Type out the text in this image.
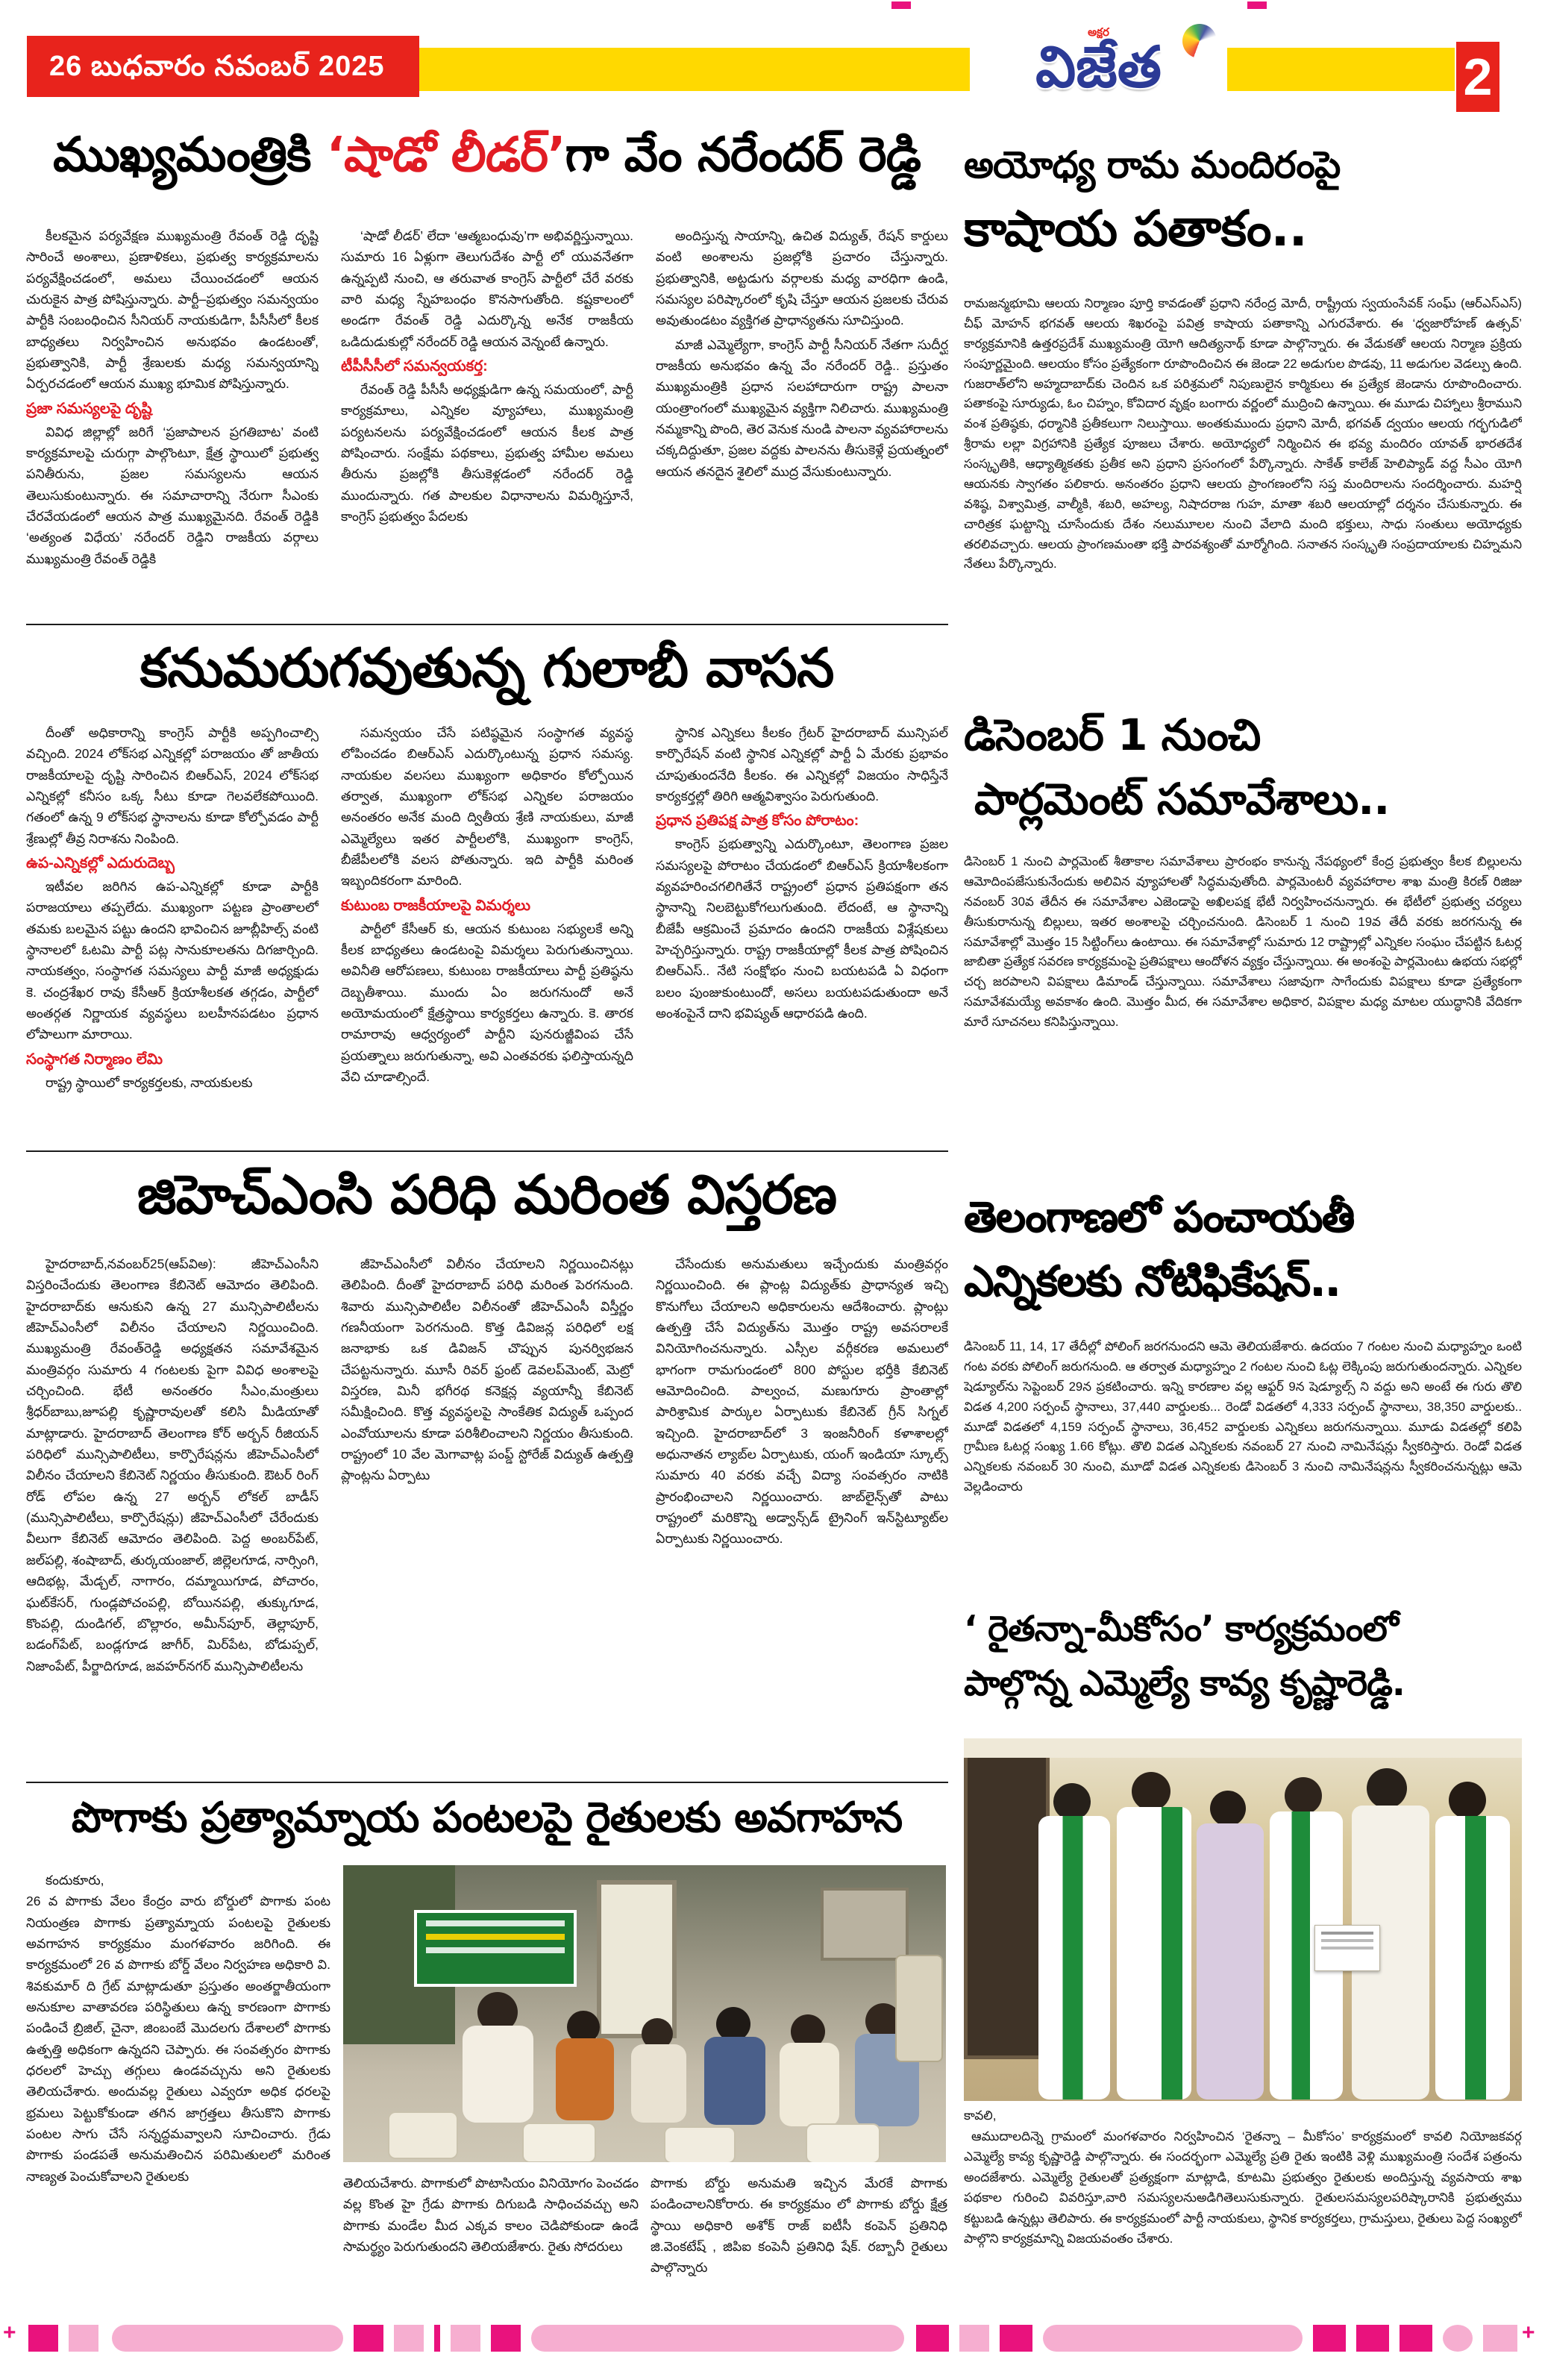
26 బుధవారం నవంబర్ 2025
అక్షర
విజేత	2
ముఖ్యమంత్రికి ‘షాడో లీడర్’గా వేం నరేందర్ రెడ్డి

కీలకమైన పర్యవేక్షణ ముఖ్యమంత్రి రేవంత్ రెడ్డి దృష్టి సారించే అంశాలు, ప్రణాళికలు, ప్రభుత్వ కార్యక్రమాలను పర్యవేక్షించడంలో, అమలు చేయించడంలో ఆయన చురుకైన పాత్ర పోషిస్తున్నారు. పార్టీ–ప్రభుత్వం సమన్వయం పార్టీకి సంబంధించిన సీనియర్ నాయకుడిగా, పీసీసీలో కీలక బాధ్యతలు నిర్వహించిన అనుభవం ఉండటంతో, ప్రభుత్వానికి, పార్టీ శ్రేణులకు మధ్య సమన్వయాన్ని ఏర్పరచడంలో ఆయన ముఖ్య భూమిక పోషిస్తున్నారు.

ప్రజా సమస్యలపై దృష్టి

వివిధ జిల్లాల్లో జరిగే ‘ప్రజాపాలన ప్రగతిబాట’ వంటి కార్యక్రమాలపై చురుగ్గా పాల్గొంటూ, క్షేత్ర స్థాయిలో ప్రభుత్వ పనితీరును, ప్రజల సమస్యలను ఆయన తెలుసుకుంటున్నారు. ఈ సమాచారాన్ని నేరుగా సీఎంకు చేరవేయడంలో ఆయన పాత్ర ముఖ్యమైనది. రేవంత్ రెడ్డికి ‘అత్యంత విధేయ’ నరేందర్ రెడ్డిని రాజకీయ వర్గాలు ముఖ్యమంత్రి రేవంత్ రెడ్డికి

‘షాడో లీడర్’ లేదా ‘ఆత్మబంధువు’గా అభివర్ణిస్తున్నాయి. సుమారు 16 ఏళ్లుగా తెలుగుదేశం పార్టీ లో యువనేతగా ఉన్నప్పటి నుంచి, ఆ తరువాత కాంగ్రెస్ పార్టీలో చేరే వరకు వారి మధ్య స్నేహబంధం కొనసాగుతోంది. కష్టకాలంలో అండగా రేవంత్ రెడ్డి ఎదుర్కొన్న అనేక రాజకీయ ఒడిదుడుకుల్లో నరేందర్ రెడ్డి ఆయన వెన్నంటే ఉన్నారు.

టీపీసీసీలో సమన్వయకర్త:

రేవంత్ రెడ్డి పీసీసీ అధ్యక్షుడిగా ఉన్న సమయంలో, పార్టీ కార్యక్రమాలు, ఎన్నికల వ్యూహాలు, ముఖ్యమంత్రి పర్యటనలను పర్యవేక్షించడంలో ఆయన కీలక పాత్ర పోషించారు. సంక్షేమ పథకాలు, ప్రభుత్వ హామీల అమలు తీరును ప్రజల్లోకి తీసుకెళ్లడంలో నరేందర్ రెడ్డి ముందున్నారు. గత పాలకుల విధానాలను విమర్శిస్తూనే, కాంగ్రెస్ ప్రభుత్వం పేదలకు

అందిస్తున్న సాయాన్ని, ఉచిత విద్యుత్, రేషన్ కార్డులు వంటి అంశాలను ప్రజల్లోకి ప్రచారం చేస్తున్నారు. ప్రభుత్వానికి, అట్టడుగు వర్గాలకు మధ్య వారధిగా ఉండి, సమస్యల పరిష్కారంలో కృషి చేస్తూ ఆయన ప్రజలకు చేరువ అవుతుండటం వ్యక్తిగత ప్రాధాన్యతను సూచిస్తుంది.

మాజీ ఎమ్మెల్యేగా, కాంగ్రెస్ పార్టీ సీనియర్ నేతగా సుదీర్ఘ రాజకీయ అనుభవం ఉన్న వేం నరేందర్ రెడ్డి.. ప్రస్తుతం ముఖ్యమంత్రికి ప్రధాన సలహాదారుగా రాష్ట్ర పాలనా యంత్రాంగంలో ముఖ్యమైన వ్యక్తిగా నిలిచారు. ముఖ్యమంత్రి నమ్మకాన్ని పొంది, తెర వెనుక నుండి పాలనా వ్యవహారాలను చక్కదిద్దుతూ, ప్రజల వద్దకు పాలనను తీసుకెళ్లే ప్రయత్నంలో ఆయన తనదైన శైలిలో ముద్ర వేసుకుంటున్నారు.

కనుమరుగవుతున్న గులాబీ వాసన

దీంతో అధికారాన్ని కాంగ్రెస్ పార్టీకి అప్పగించాల్సి వచ్చింది. 2024 లోక్‌సభ ఎన్నికల్లో పరాజయం తో జాతీయ రాజకీయాలపై దృష్టి సారించిన బిఆర్ఎస్, 2024 లోక్‌సభ ఎన్నికల్లో కనీసం ఒక్క సీటు కూడా గెలవలేకపోయింది. గతంలో ఉన్న 9 లోక్‌సభ స్థానాలను కూడా కోల్పోవడం పార్టీ శ్రేణుల్లో తీవ్ర నిరాశను నింపింది.

ఉప-ఎన్నికల్లో ఎదురుదెబ్బ

ఇటీవల జరిగిన ఉప-ఎన్నికల్లో కూడా పార్టీకి పరాజయాలు తప్పలేదు. ముఖ్యంగా పట్టణ ప్రాంతాలలో తమకు బలమైన పట్టు ఉందని భావించిన జూబ్లీహిల్స్ వంటి స్థానాలలో ఓటమి పార్టీ పట్ల సానుకూలతను దిగజార్చింది. నాయకత్వం, సంస్థాగత సమస్యలు పార్టీ మాజీ అధ్యక్షుడు కె. చంద్రశేఖర రావు కేసీఆర్ క్రియాశీలకత తగ్గడం, పార్టీలో అంతర్గత నిర్ణాయక వ్యవస్థలు బలహీనపడటం ప్రధాన లోపాలుగా మారాయి.

సంస్థాగత నిర్మాణం లేమి

రాష్ట్ర స్థాయిలో కార్యకర్తలకు, నాయకులకు

సమన్వయం చేసే పటిష్ఠమైన సంస్థాగత వ్యవస్థ లోపించడం బిఆర్ఎస్ ఎదుర్కొంటున్న ప్రధాన సమస్య. నాయకుల వలసలు ముఖ్యంగా అధికారం కోల్పోయిన తర్వాత, ముఖ్యంగా లోక్‌సభ ఎన్నికల పరాజయం అనంతరం అనేక మంది ద్వితీయ శ్రేణి నాయకులు, మాజీ ఎమ్మెల్యేలు ఇతర పార్టీలలోకి, ముఖ్యంగా కాంగ్రెస్, బీజేపీలలోకి వలస పోతున్నారు. ఇది పార్టీకి మరింత ఇబ్బందికరంగా మారింది.

కుటుంబ రాజకీయాలపై విమర్శలు

పార్టీలో కేసీఆర్ కు, ఆయన కుటుంబ సభ్యులకే అన్ని కీలక బాధ్యతలు ఉండటంపై విమర్శలు పెరుగుతున్నాయి. అవినీతి ఆరోపణలు, కుటుంబ రాజకీయాలు పార్టీ ప్రతిష్ఠను దెబ్బతీశాయి. ముందు ఏం జరుగనుందో అనే అయోమయంలో క్షేత్రస్థాయి కార్యకర్తలు ఉన్నారు. కె. తారక రామారావు ఆధ్వర్యంలో పార్టీని పునరుజ్జీవింప చేసే ప్రయత్నాలు జరుగుతున్నా, అవి ఎంతవరకు ఫలిస్తాయన్నది వేచి చూడాల్సిందే.

స్థానిక ఎన్నికలు కీలకం గ్రేటర్ హైదరాబాద్ మున్సిపల్ కార్పొరేషన్ వంటి స్థానిక ఎన్నికల్లో పార్టీ ఏ మేరకు ప్రభావం చూపుతుందనేది కీలకం. ఈ ఎన్నికల్లో విజయం సాధిస్తేనే కార్యకర్తల్లో తిరిగి ఆత్మవిశ్వాసం పెరుగుతుంది.

ప్రధాన ప్రతిపక్ష పాత్ర కోసం పోరాటం:

కాంగ్రెస్ ప్రభుత్వాన్ని ఎదుర్కొంటూ, తెలంగాణ ప్రజల సమస్యలపై పోరాటం చేయడంలో బిఆర్ఎస్ క్రియాశీలకంగా వ్యవహరించగలిగితేనే రాష్ట్రంలో ప్రధాన ప్రతిపక్షంగా తన స్థానాన్ని నిలబెట్టుకోగలుగుతుంది. లేదంటే, ఆ స్థానాన్ని బీజేపీ ఆక్రమించే ప్రమాదం ఉందని రాజకీయ విశ్లేషకులు హెచ్చరిస్తున్నారు. రాష్ట్ర రాజకీయాల్లో కీలక పాత్ర పోషించిన బిఆర్ఎస్.. నేటి సంక్షోభం నుంచి బయటపడి ఏ విధంగా బలం పుంజుకుంటుందో, అసలు బయటపడుతుందా అనే అంశంపైనే దాని భవిష్యత్ ఆధారపడి ఉంది.

జిహెచ్ఎంసి పరిధి మరింత విస్తరణ

హైదరాబాద్,నవంబర్25(ఆప్‌విఅ): జీహెచ్ఎంసీని విస్తరించేందుకు తెలంగాణ కేబినెట్ ఆమోదం తెలిపింది. హైదరాబాద్‌కు ఆనుకుని ఉన్న 27 మున్సిపాలిటీలను జీహెచ్ఎంసీలో విలీనం చేయాలని నిర్ణయించింది. ముఖ్యమంత్రి రేవంత్‌రెడ్డి అధ్యక్షతన సమావేశమైన మంత్రివర్గం సుమారు 4 గంటలకు పైగా వివిధ అంశాలపై చర్చించింది. భేటీ అనంతరం సీఎం,మంత్రులు శ్రీధర్‌బాబు,జూపల్లి కృష్ణారావులతో కలిసి మీడియాతో మాట్లాడారు. హైదరాబాద్ తెలంగాణ కోర్ అర్బన్ రీజియన్ పరిధిలో మున్సిపాలిటీలు, కార్పొరేషన్లను జీహెచ్ఎంసీలో విలీనం చేయాలని కేబినెట్ నిర్ణయం తీసుకుంది. ఔటర్ రింగ్ రోడ్ లోపల ఉన్న 27 అర్బన్ లోకల్ బాడీస్ (మున్సిపాలిటీలు, కార్పొరేషన్లు) జీహెచ్ఎంసీలో చేరేందుకు వీలుగా కేబినెట్ ఆమోదం తెలిపింది. పెద్ద అంబర్‌పేట్, జల్‌పల్లి, శంషాబాద్, తుర్కయంజాల్, జిల్లెలగూడ, నార్సింగి, ఆదిభట్ల, మేడ్చల్, నాగారం, దమ్మాయిగూడ, పోచారం, ఘట్‌కేసర్, గుండ్లపోచంపల్లి, బోయినపల్లి, తుక్కుగూడ, కొంపల్లి, దుండిగల్, బొల్లారం, అమీన్‌పూర్, తెల్లాపూర్, బడంగ్‌పేట్, బండ్లగూడ జాగీర్, మిర్‌పేట, బోడుప్పల్, నిజాంపేట్, పీర్జాదిగూడ, జవహర్‌నగర్ మున్సిపాలిటీలను

జీహెచ్ఎంసీలో విలీనం చేయాలని నిర్ణయించినట్లు తెలిపింది. దీంతో హైదరాబాద్ పరిధి మరింత పెరగనుంది. శివారు మున్సిపాలిటీల విలీనంతో జీహెచ్ఎంసీ విస్తీర్ణం గణనీయంగా పెరగనుంది. కొత్త డివిజన్ల పరిధిలో లక్ష జనాభాకు ఒక డివిజన్ చొప్పున పునర్విభజన చేపట్టనున్నారు. మూసీ రివర్ ఫ్రంట్ డెవలప్‌మెంట్, మెట్రో విస్తరణ, మినీ భగీరథ కనెక్షన్ల వ్యయాన్నీ కేబినెట్ సమీక్షించింది. కొత్త వ్యవస్థలపై సాంకేతిక విద్యుత్ ఒప్పంద ఎంవోయూలను కూడా పరిశీలించాలని నిర్ణయం తీసుకుంది. రాష్ట్రంలో 10 వేల మెగావాట్ల పంప్డ్ స్టోరేజ్ విద్యుత్ ఉత్పత్తి ప్లాంట్లను ఏర్పాటు

చేసేందుకు అనుమతులు ఇచ్చేందుకు మంత్రివర్గం నిర్ణయించింది. ఈ ప్లాంట్ల విద్యుత్‌కు ప్రాధాన్యత ఇచ్చి కొనుగోలు చేయాలని అధికారులను ఆదేశించారు. ప్లాంట్లు ఉత్పత్తి చేసే విద్యుత్‌ను మొత్తం రాష్ట్ర అవసరాలకే వినియోగించనున్నారు. ఎస్సీల వర్గీకరణ అమలులో భాగంగా రామగుండంలో 800 పోస్టుల భర్తీకి కేబినెట్ ఆమోదించింది. పాల్వంచ, మణుగూరు ప్రాంతాల్లో పారిశ్రామిక పార్కుల ఏర్పాటుకు కేబినెట్ గ్రీన్ సిగ్నల్ ఇచ్చింది. హైదరాబాద్‌లో 3 ఇంజనీరింగ్ కళాశాలల్లో అధునాతన ల్యాబ్‌ల ఏర్పాటుకు, యంగ్ ఇండియా స్కూల్స్ సుమారు 40 వరకు వచ్చే విద్యా సంవత్సరం నాటికి ప్రారంభించాలని నిర్ణయించారు. జాబ్‌లైన్స్‌తో పాటు రాష్ట్రంలో మరికొన్ని అడ్వాన్స్‌డ్ ట్రైనింగ్ ఇన్‌స్టిట్యూట్‌ల ఏర్పాటుకు నిర్ణయించారు.

పొగాకు ప్రత్యామ్నాయ పంటలపై రైతులకు అవగాహన
కందుకూరు,

26 వ పొగాకు వేలం కేంద్రం వారు బోర్డులో పొగాకు పంట నియంత్రణ పొగాకు ప్రత్యామ్నాయ పంటలపై రైతులకు అవగాహన కార్యక్రమం మంగళవారం జరిగింది. ఈ కార్యక్రమంలో 26 వ పొగాకు బోర్డ్ వేలం నిర్వహణ అధికారి వి. శివకుమార్ ది గ్రేట్ మాట్లాడుతూ ప్రస్తుతం అంతర్జాతీయంగా అనుకూల వాతావరణ పరిస్థితులు ఉన్న కారణంగా పొగాకు పండించే బ్రిజిల్, చైనా, జింబంబే మొదలగు దేశాలలో పొగాకు ఉత్పత్తి అధికంగా ఉన్నదని చెప్పారు. ఈ సంవత్సరం పొగాకు ధరలలో హెచ్చు తగ్గులు ఉండవచ్చును అని రైతులకు తెలియచేశారు. అందువల్ల రైతులు ఎవ్వరూ అధిక ధరలపై భ్రమలు పెట్టుకోకుండా తగిన జాగ్రత్తలు తీసుకొని పొగాకు పంటల సాగు చేసే సన్నద్ధమవ్వాలని సూచించారు. గ్రేడు పొగాకు పండపతే అనుమతించిన పరిమితులలో మరింత నాణ్యత పెంచుకోవాలని రైతులకు	తెలియచేశారు. పొగాకులో పొటాసియం వినియోగం పెంచడం వల్ల కొంత హై గ్రేడు పొగాకు దిగుబడి సాధించవచ్చు అని పొగాకు మండేల మీద ఎక్కవ కాలం చెడిపోకుండా ఉండే సామర్థ్యం పెరుగుతుందని తెలియజేశారు. రైతు సోదరులు

పొగాకు బోర్డు అనుమతి ఇచ్చిన మేరకే పొగాకు పండించాలనికోరారు. ఈ కార్యక్రమం లో పొగాకు బోర్డు క్షేత్ర స్థాయి అధికారి అశోక్ రాజ్ ఐటీసీ కంపెన్ ప్రతినిధి జి.వెంకటేష్ , జిపిఐ కంపెనీ ప్రతినిధి షేక్. రబ్బానీ రైతులు పాల్గొన్నారు

అయోధ్య రామ మందిరంపై
కాషాయ పతాకం..

రామజన్మభూమి ఆలయ నిర్మాణం పూర్తి కావడంతో ప్రధాని నరేంద్ర మోదీ, రాష్ట్రీయ స్వయంసేవక్ సంఘ్ (ఆర్ఎస్ఎస్) చీఫ్ మోహన్ భగవత్ ఆలయ శిఖరంపై పవిత్ర కాషాయ పతాకాన్ని ఎగురవేశారు. ఈ ‘ధ్వజారోహణ్ ఉత్సవ్’ కార్యక్రమానికి ఉత్తరప్రదేశ్ ముఖ్యమంత్రి యోగి ఆదిత్యనాథ్ కూడా పాల్గొన్నారు. ఈ వేడుకతో ఆలయ నిర్మాణ ప్రక్రియ సంపూర్ణమైంది. ఆలయం కోసం ప్రత్యేకంగా రూపొందించిన ఈ జెండా 22 అడుగుల పొడవు, 11 అడుగుల వెడల్పు ఉంది. గుజరాత్‌లోని అహ్మదాబాద్‌కు చెందిన ఒక పరిశ్రమలో నిపుణులైన కార్మికులు ఈ ప్రత్యేక జెండాను రూపొందించారు. పతాకంపై సూర్యుడు, ఓం చిహ్నం, కోవిదార వృక్షం బంగారు వర్ణంలో ముద్రించి ఉన్నాయి. ఈ మూడు చిహ్నాలు శ్రీరాముని వంశ ప్రతిష్ఠకు, ధర్మానికి ప్రతీకలుగా నిలుస్తాయి. అంతకుముందు ప్రధాని మోదీ, భగవత్ ద్వయం ఆలయ గర్భగుడిలో శ్రీరామ లల్లా విగ్రహానికి ప్రత్యేక పూజలు చేశారు. అయోధ్యలో నిర్మించిన ఈ భవ్య మందిరం యావత్ భారతదేశ సంస్కృతికి, ఆధ్యాత్మికతకు ప్రతీక అని ప్రధాని ప్రసంగంలో పేర్కొన్నారు. సాకేత్ కాలేజ్ హెలిప్యాడ్ వద్ద సీఎం యోగి ఆయనకు స్వాగతం పలికారు. అనంతరం ప్రధాని ఆలయ ప్రాంగణంలోని సప్త మందిరాలను సందర్శించారు. మహర్షి వశిష్ఠ, విశ్వామిత్ర, వాల్మీకి, శబరి, అహల్య, నిషాదరాజ గుహ, మాతా శబరి ఆలయాల్లో దర్శనం చేసుకున్నారు. ఈ చారిత్రక ఘట్టాన్ని చూసేందుకు దేశం నలుమూలల నుంచి వేలాది మంది భక్తులు, సాధు సంతులు అయోధ్యకు తరలివచ్చారు. ఆలయ ప్రాంగణమంతా భక్తి పారవశ్యంతో మార్మోగింది. సనాతన సంస్కృతి సంప్రదాయాలకు చిహ్నమని నేతలు పేర్కొన్నారు.

డిసెంబర్ 1 నుంచి
పార్లమెంట్ సమావేశాలు..

డిసెంబర్ 1 నుంచి పార్లమెంట్ శీతాకాల సమావేశాలు ప్రారంభం కానున్న నేపథ్యంలో కేంద్ర ప్రభుత్వం కీలక బిల్లులను ఆమోదింపజేసుకునేందుకు అలివిన వ్యూహాలతో సిద్ధమవుతోంది. పార్లమెంటరీ వ్యవహారాల శాఖ మంత్రి కిరణ్ రిజిజు నవంబర్ 30వ తేదీన ఈ సమావేశాల ఎజెండాపై అఖిలపక్ష భేటీ నిర్వహించనున్నారు. ఈ భేటీలో ప్రభుత్వ చర్యలు తీసుకురానున్న బిల్లులు, ఇతర అంశాలపై చర్చించనుంది. డిసెంబర్ 1 నుంచి 19వ తేదీ వరకు జరగనున్న ఈ సమావేశాల్లో మొత్తం 15 సిట్టింగ్‌లు ఉంటాయి. ఈ సమావేశాల్లో సుమారు 12 రాష్ట్రాల్లో ఎన్నికల సంఘం చేపట్టిన ఓటర్ల జాబితా ప్రత్యేక సవరణ కార్యక్రమంపై ప్రతిపక్షాలు ఆందోళన వ్యక్తం చేస్తున్నాయి. ఈ అంశంపై పార్లమెంటు ఉభయ సభల్లో చర్చ జరపాలని విపక్షాలు డిమాండ్ చేస్తున్నాయి. సమావేశాలు సజావుగా సాగేందుకు విపక్షాలు కూడా ప్రత్యేకంగా సమావేశమయ్యే అవకాశం ఉంది. మొత్తం మీద, ఈ సమావేశాల అధికార, విపక్షాల మధ్య మాటల యుద్ధానికి వేదికగా మారే సూచనలు కనిపిస్తున్నాయి.

తెలంగాణలో పంచాయతీ
ఎన్నికలకు నోటిఫికేషన్..

డిసెంబర్ 11, 14, 17 తేదీల్లో పోలింగ్ జరగనుందని ఆమె తెలియజేశారు. ఉదయం 7 గంటల నుంచి మధ్యాహ్నం ఒంటి గంట వరకు పోలింగ్ జరుగనుంది. ఆ తర్వాత మధ్యాహ్నం 2 గంటల నుంచి ఓట్ల లెక్కింపు జరుగుతుందన్నారు. ఎన్నికల షెడ్యూల్‌ను సెప్టెంబర్ 29న ప్రకటించారు. ఇన్ని కారణాల వల్ల ఆఫ్టర్ 9న షెడ్యూల్స్ ని వద్దు అని అంటే ఈ గురు తొలి విడత 4,200 సర్పంచ్ స్థానాలు, 37,440 వార్డులకు... రెండో విడతలో 4,333 సర్పంచ్ స్థానాలు, 38,350 వార్డులకు.. మూడో విడతలో 4,159 సర్పంచ్ స్థానాలు, 36,452 వార్డులకు ఎన్నికలు జరుగనున్నాయి. మూడు విడతల్లో కలిపి గ్రామీణ ఓటర్ల సంఖ్య 1.66 కోట్లు. తొలి విడత ఎన్నికలకు నవంబర్ 27 నుంచి నామినేషన్లు స్వీకరిస్తారు. రెండో విడత ఎన్నికలకు నవంబర్ 30 నుంచి, మూడో విడత ఎన్నికలకు డిసెంబర్ 3 నుంచి నామినేషన్లను స్వీకరించనున్నట్లు ఆమె వెల్లడించారు

‘ రైతన్నా-మీకోసం’ కార్యక్రమంలో
పాల్గొన్న ఎమ్మెల్యే కావ్య కృష్ణారెడ్డి.
కావలి,

ఆముదాలదిన్నె గ్రామంలో మంగళవారం నిర్వహించిన ‘రైతన్నా – మీకోసం’ కార్యక్రమంలో కావలి నియోజకవర్గ ఎమ్మెల్యే కావ్య కృష్ణారెడ్డి పాల్గొన్నారు. ఈ సందర్భంగా ఎమ్మెల్యే ప్రతి రైతు ఇంటికి వెళ్లి ముఖ్యమంత్రి సందేశ పత్రంను అందజేశారు. ఎమ్మెల్యే రైతులతో ప్రత్యక్షంగా మాట్లాడి, కూటమి ప్రభుత్వం రైతులకు అందిస్తున్న వ్యవసాయ శాఖ పథకాల గురించి వివరిస్తూ,వారి సమస్యలనుఅడిగితెలుసుకున్నారు. రైతులసమస్యలపరిష్కారానికి ప్రభుత్వము కట్టుబడి ఉన్నట్లు తెలిపారు. ఈ కార్యక్రమంలో పార్టీ నాయకులు, స్థానిక కార్యకర్తలు, గ్రామస్తులు, రైతులు పెద్ద సంఖ్యలో పాల్గొని కార్యక్రమాన్ని విజయవంతం చేశారు.

+
+
